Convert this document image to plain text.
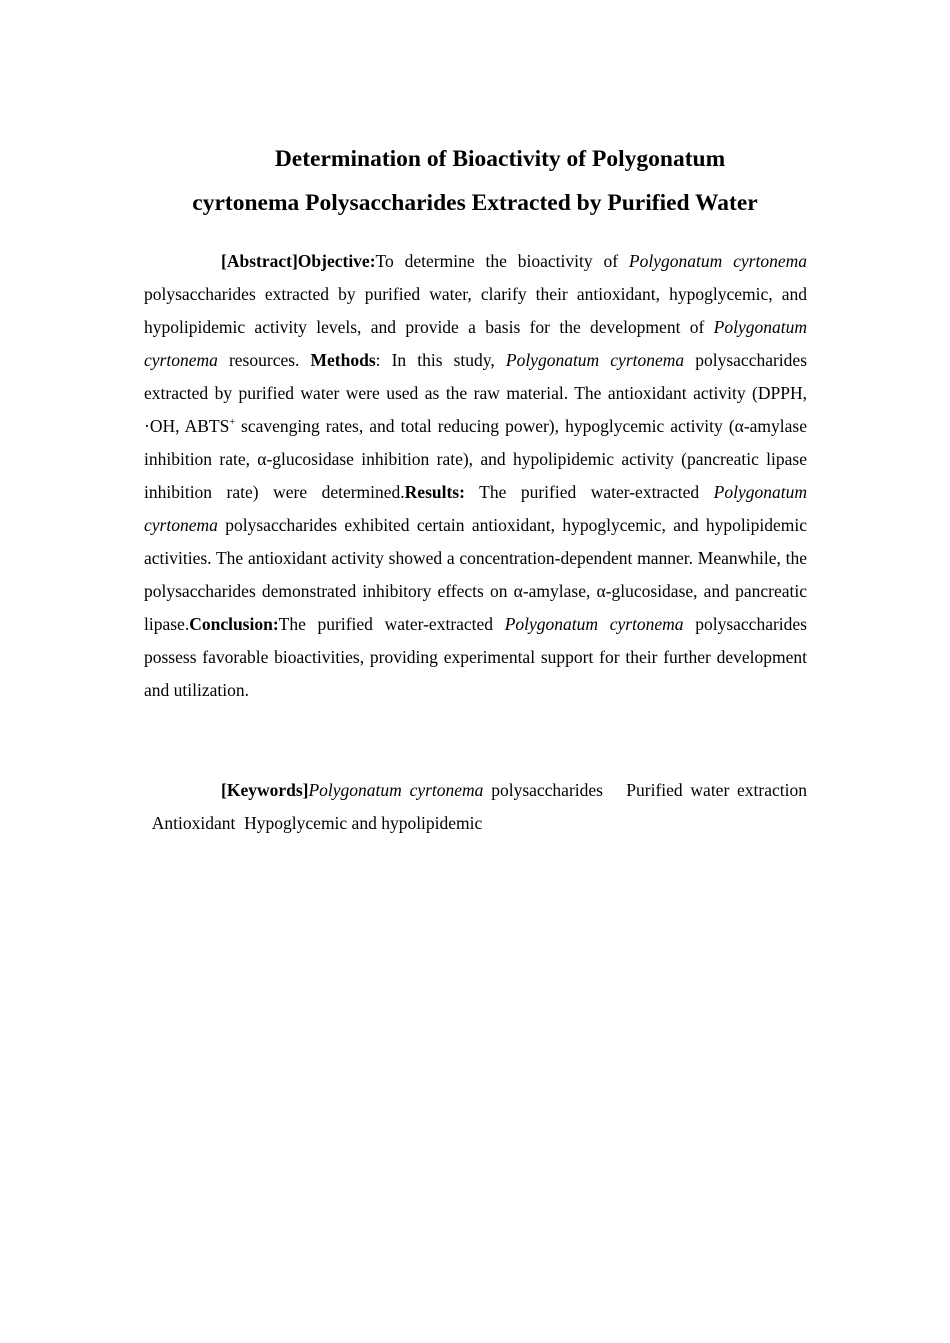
Determination of Bioactivity of Polygonatum
cyrtonema Polysaccharides Extracted by Purified Water

[Abstract]Objective:To determine the bioactivity of Polygonatum cyrtonema polysaccharides extracted by purified water, clarify their antioxidant, hypoglycemic, and hypolipidemic activity levels, and provide a basis for the development of Polygonatum cyrtonema resources. Methods: In this study, Polygonatum cyrtonema polysaccharides extracted by purified water were used as the raw material. The antioxidant activity (DPPH, ·OH, ABTS+ scavenging rates, and total reducing power), hypoglycemic activity (α-amylase inhibition rate, α-glucosidase inhibition rate), and hypolipidemic activity (pancreatic lipase inhibition rate) were determined.Results: The purified water-extracted Polygonatum cyrtonema polysaccharides exhibited certain antioxidant, hypoglycemic, and hypolipidemic activities. The antioxidant activity showed a concentration-dependent manner. Meanwhile, the polysaccharides demonstrated inhibitory effects on α-amylase, α-glucosidase, and pancreatic lipase.Conclusion:The purified water-extracted Polygonatum cyrtonema polysaccharides possess favorable bioactivities, providing experimental support for their further development and utilization.

[Keywords]Polygonatum cyrtonema polysaccharides Purified water extraction  Antioxidant Hypoglycemic and hypolipidemic
